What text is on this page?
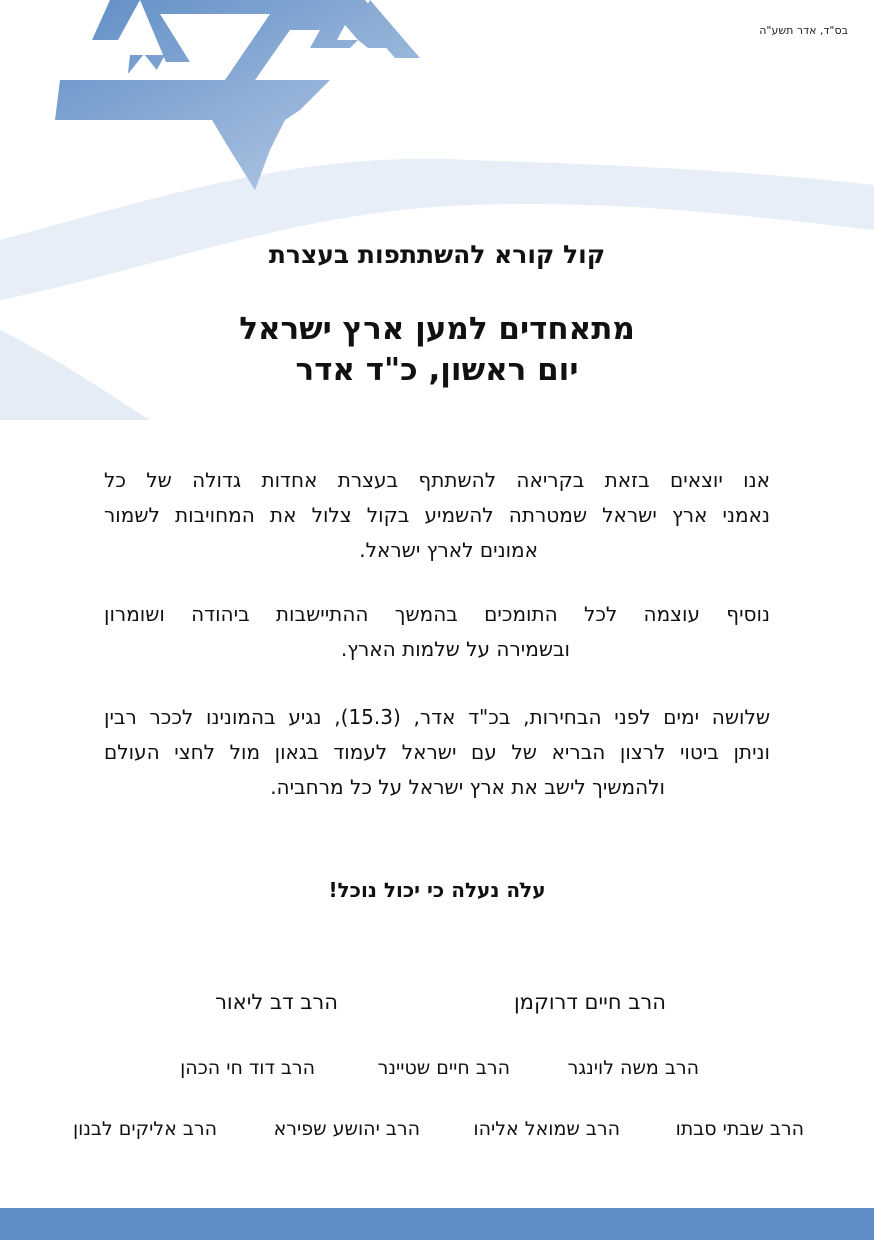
בס"ד, אדר תשע"ה
קול קורא להשתתפות בעצרת
מתאחדים למען ארץ ישראל
יום ראשון, כ"ד אדר
אנו יוצאים בזאת בקריאה להשתתף בעצרת אחדות גדולה של כל
נאמני ארץ ישראל שמטרתה להשמיע בקול צלול את המחויבות לשמור
אמונים לארץ ישראל.
נוסיף עוצמה לכל התומכים בהמשך ההתיישבות ביהודה ושומרון
ובשמירה על שלמות הארץ.
שלושה ימים לפני הבחירות, בכ"ד אדר, (15.3), נגיע בהמונינו לככר רבין
וניתן ביטוי לרצון הבריא של עם ישראל לעמוד בגאון מול לחצי העולם
ולהמשיך לישב את ארץ ישראל על כל מרחביה.
עלֹה נעלה כי יכול נוכל!
הרב חיים דרוקמן
הרב דב ליאור
הרב משה לוינגר
הרב חיים שטיינר
הרב דוד חי הכהן
הרב שבתי סבתו
הרב שמואל אליהו
הרב יהושע שפירא
הרב אליקים לבנון
